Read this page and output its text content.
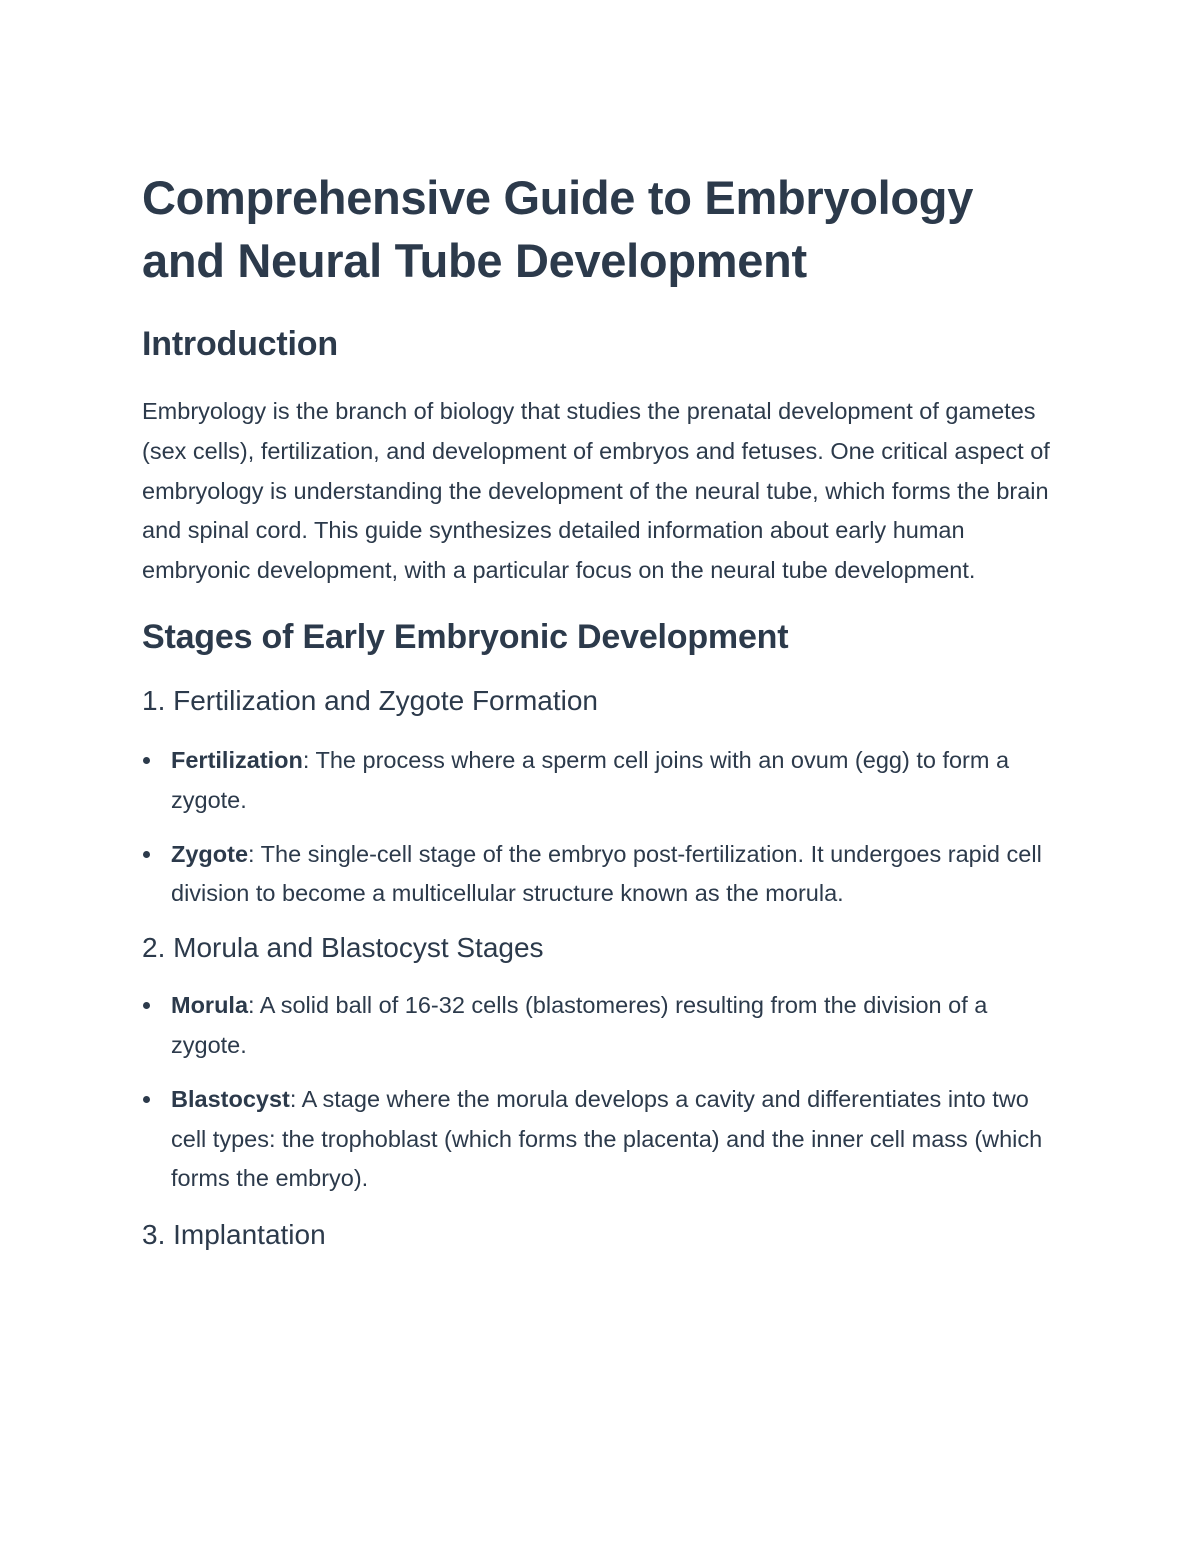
Comprehensive Guide to Embryology and Neural Tube Development
Introduction

Embryology is the branch of biology that studies the prenatal development of gametes (sex cells), fertilization, and development of embryos and fetuses. One critical aspect of embryology is understanding the development of the neural tube, which forms the brain and spinal cord. This guide synthesizes detailed information about early human embryonic development, with a particular focus on the neural tube development.

Stages of Early Embryonic Development
1. Fertilization and Zygote Formation
Fertilization: The process where a sperm cell joins with an ovum (egg) to form a zygote.
Zygote: The single-cell stage of the embryo post-fertilization. It undergoes rapid cell division to become a multicellular structure known as the morula.
2. Morula and Blastocyst Stages
Morula: A solid ball of 16-32 cells (blastomeres) resulting from the division of a zygote.
Blastocyst: A stage where the morula develops a cavity and differentiates into two cell types: the trophoblast (which forms the placenta) and the inner cell mass (which forms the embryo).
3. Implantation
